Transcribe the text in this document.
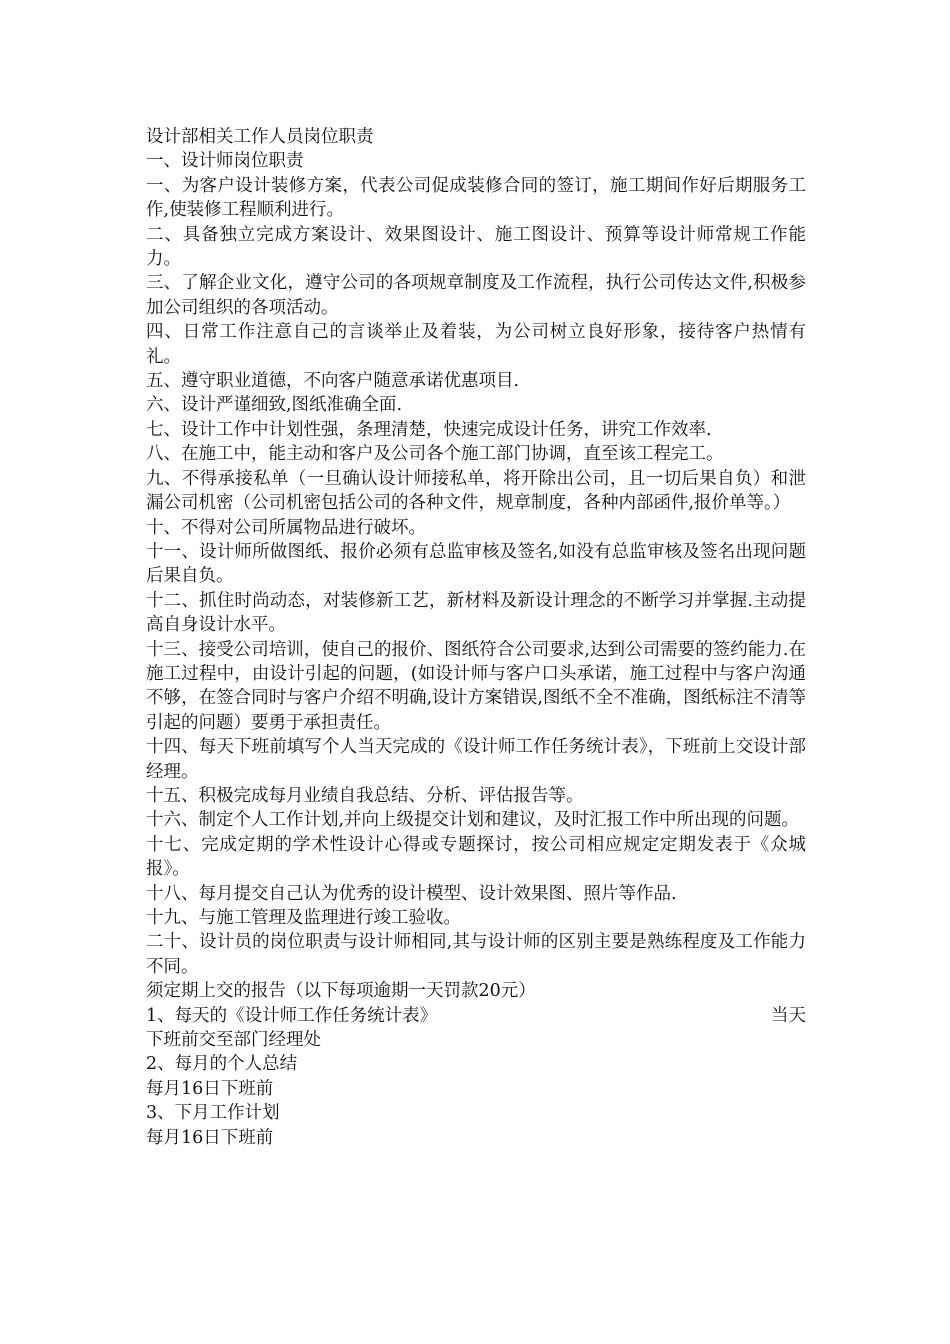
设计部相关工作人员岗位职责

一、设计师岗位职责

一、为客户设计装修方案，代表公司促成装修合同的签订，施工期间作好后期服务工作,使装修工程顺利进行。

二、具备独立完成方案设计、效果图设计、施工图设计、预算等设计师常规工作能力。

三、了解企业文化，遵守公司的各项规章制度及工作流程，执行公司传达文件,积极参加公司组织的各项活动。

四、日常工作注意自己的言谈举止及着装，为公司树立良好形象，接待客户热情有礼。

五、遵守职业道德，不向客户随意承诺优惠项目.

六、设计严谨细致,图纸准确全面.

七、设计工作中计划性强，条理清楚，快速完成设计任务，讲究工作效率.

八、在施工中，能主动和客户及公司各个施工部门协调，直至该工程完工。

九、不得承接私单（一旦确认设计师接私单，将开除出公司，且一切后果自负）和泄漏公司机密（公司机密包括公司的各种文件，规章制度，各种内部函件,报价单等。）

十、不得对公司所属物品进行破坏。

十一、设计师所做图纸、报价必须有总监审核及签名,如没有总监审核及签名出现问题后果自负。

十二、抓住时尚动态，对装修新工艺，新材料及新设计理念的不断学习并掌握.主动提高自身设计水平。

十三、接受公司培训，使自己的报价、图纸符合公司要求,达到公司需要的签约能力.在施工过程中，由设计引起的问题，(如设计师与客户口头承诺，施工过程中与客户沟通不够，在签合同时与客户介绍不明确,设计方案错误,图纸不全不准确，图纸标注不清等引起的问题）要勇于承担责任。

十四、每天下班前填写个人当天完成的《设计师工作任务统计表》，下班前上交设计部经理。

十五、积极完成每月业绩自我总结、分析、评估报告等。

十六、制定个人工作计划,并向上级提交计划和建议，及时汇报工作中所出现的问题。

十七、完成定期的学术性设计心得或专题探讨，按公司相应规定定期发表于《众城报》。

十八、每月提交自己认为优秀的设计模型、设计效果图、照片等作品.

十九、与施工管理及监理进行竣工验收。

二十、设计员的岗位职责与设计师相同,其与设计师的区别主要是熟练程度及工作能力不同。

须定期上交的报告（以下每项逾期一天罚款20元）

1、每天的《设计师工作任务统计表》	当天

下班前交至部门经理处

2、每月的个人总结

每月16日下班前

3、下月工作计划

每月16日下班前
